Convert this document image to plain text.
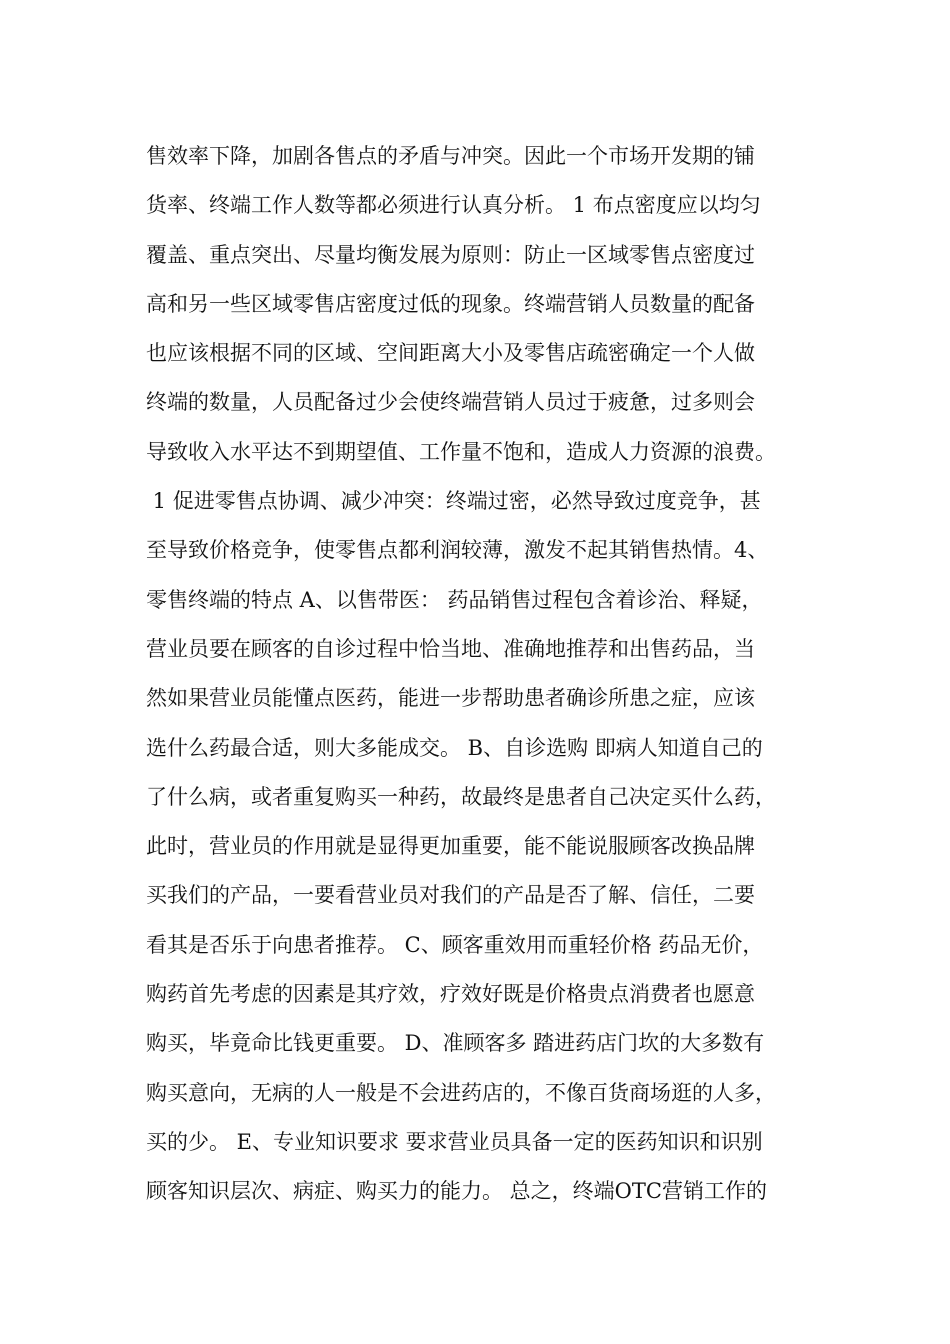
售效率下降，加剧各售点的矛盾与冲突。因此一个市场开发期的铺
货率、终端工作人数等都必须进行认真分析。 1 布点密度应以均匀
覆盖、重点突出、尽量均衡发展为原则：防止一区域零售点密度过
高和另一些区域零售店密度过低的现象。终端营销人员数量的配备
也应该根据不同的区域、空间距离大小及零售店疏密确定一个人做
终端的数量，人员配备过少会使终端营销人员过于疲惫，过多则会
导致收入水平达不到期望值、工作量不饱和，造成人力资源的浪费。
1 促进零售点协调、减少冲突：终端过密，必然导致过度竞争，甚
至导致价格竞争，使零售点都利润较薄，激发不起其销售热情。4、
零售终端的特点 A、以售带医： 药品销售过程包含着诊治、释疑，
营业员要在顾客的自诊过程中恰当地、准确地推荐和出售药品，当
然如果营业员能懂点医药，能进一步帮助患者确诊所患之症，应该
选什么药最合适，则大多能成交。 B、自诊选购 即病人知道自己的
了什么病，或者重复购买一种药，故最终是患者自己决定买什么药，
此时，营业员的作用就是显得更加重要，能不能说服顾客改换品牌
买我们的产品，一要看营业员对我们的产品是否了解、信任，二要
看其是否乐于向患者推荐。 C、顾客重效用而重轻价格 药品无价，
购药首先考虑的因素是其疗效，疗效好既是价格贵点消费者也愿意
购买，毕竟命比钱更重要。 D、准顾客多 踏进药店门坎的大多数有
购买意向，无病的人一般是不会进药店的，不像百货商场逛的人多，
买的少。 E、专业知识要求 要求营业员具备一定的医药知识和识别
顾客知识层次、病症、购买力的能力。 总之，终端OTC营销工作的
